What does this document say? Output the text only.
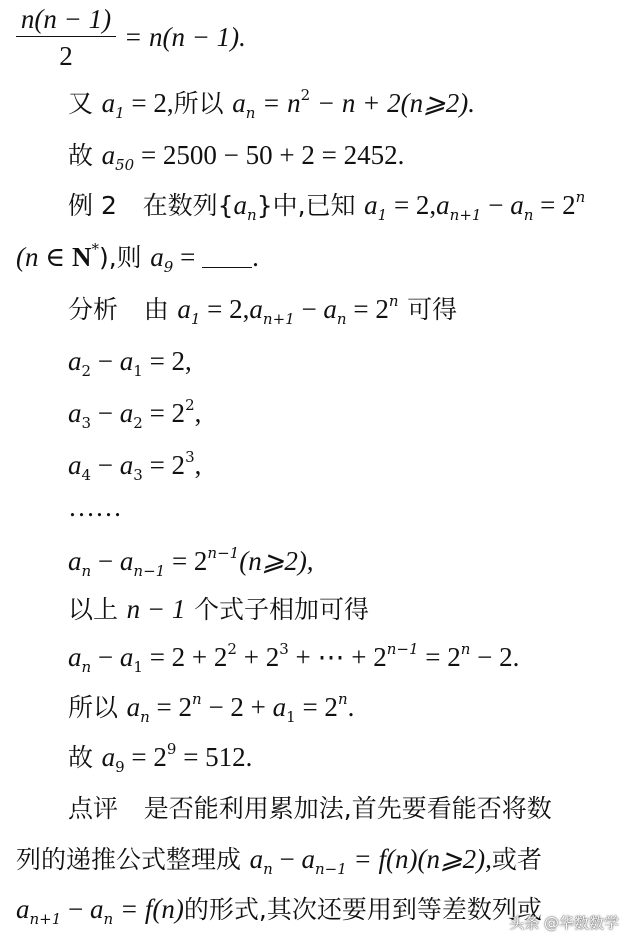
$\frac{n(n - 1)}{2} = n(n - 1)$.
又 $a_1 = 2$,所以 $a_n = n^2 - n$ + 2(n⩾2).
故 $a_{50} = 2500 - 50 + 2 = 2452$.
例 2 在数列$\{a_n\}$中,已知 $a_1 = 2,a_{n+1} - a_n = 2^n$
(n ∈ N*),则 $a_9$ = .
分析 由 $a_1 = 2,a_{n+1} - a_n = 2^n$ 可得
$a_2 - a_1 = 2$,
$a_3 - a_2 = 2^2$,
$a_4 - a_3 = 2^3$,
……
$a_n - a_{n-1}$ = $2^{n-1}(n⩾2)$,
以上 n − 1 个式子相加可得
$a_n - a_1 = 2 + 2^2 + 2^3$ + ⋯ + $2^{n-1} = 2^n - 2$.
所以 $a_n = 2^n - 2 + a_1 = 2^n$.
故 $a_9 = 2^9 = 512$.
点评 是否能利用累加法,首先要看能否将数
列的递推公式整理成 $a_n - a_{n-1}$ = f(n)(n⩾2),或者
$a_{n+1} - a_n = f(n)$的形式,其次还要用到等差数列或
头条 @华数数学
